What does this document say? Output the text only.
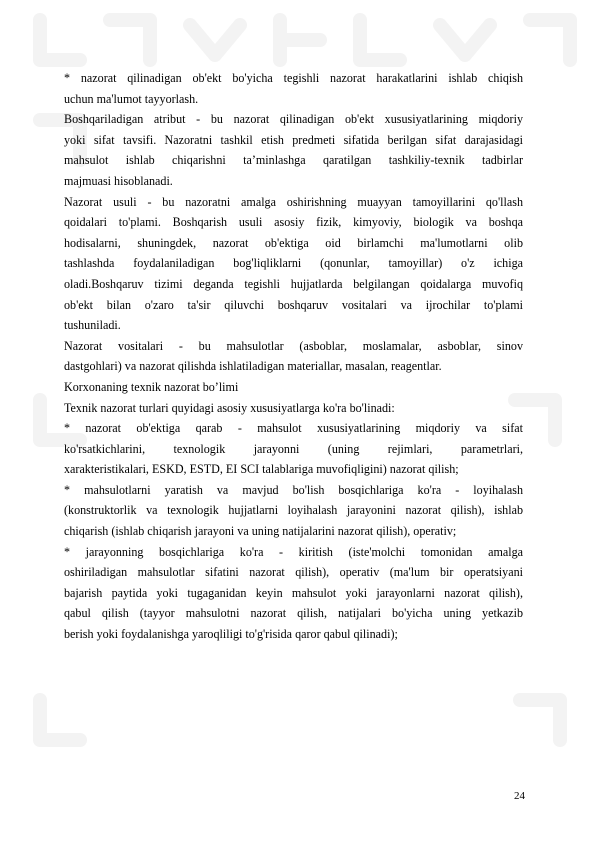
* nazorat qilinadigan ob'ekt bo'yicha tegishli nazorat harakatlarini ishlab chiqish
uchun ma'lumot tayyorlash.
Boshqariladigan atribut - bu nazorat qilinadigan ob'ekt xususiyatlarining miqdoriy
yoki sifat tavsifi. Nazoratni tashkil etish predmeti sifatida berilgan sifat darajasidagi
mahsulot ishlab chiqarishni ta’minlashga qaratilgan tashkiliy-texnik tadbirlar
majmuasi hisoblanadi.
Nazorat usuli - bu nazoratni amalga oshirishning muayyan tamoyillarini qo'llash
qoidalari to'plami. Boshqarish usuli asosiy fizik, kimyoviy, biologik va boshqa
hodisalarni, shuningdek, nazorat ob'ektiga oid birlamchi ma'lumotlarni olib
tashlashda foydalaniladigan bog'liqliklarni (qonunlar, tamoyillar) o'z ichiga
oladi.Boshqaruv tizimi deganda tegishli hujjatlarda belgilangan qoidalarga muvofiq
ob'ekt bilan o'zaro ta'sir qiluvchi boshqaruv vositalari va ijrochilar to'plami
tushuniladi.
Nazorat vositalari - bu mahsulotlar (asboblar, moslamalar, asboblar, sinov
dastgohlari) va nazorat qilishda ishlatiladigan materiallar, masalan, reagentlar.
Korxonaning texnik nazorat bo’limi
Texnik nazorat turlari quyidagi asosiy xususiyatlarga ko'ra bo'linadi:
* nazorat ob'ektiga qarab - mahsulot xususiyatlarining miqdoriy va sifat
ko'rsatkichlarini, texnologik jarayonni (uning rejimlari, parametrlari,
xarakteristikalari, ESKD, ESTD, EI SCI talablariga muvofiqligini) nazorat qilish;
* mahsulotlarni yaratish va mavjud bo'lish bosqichlariga ko'ra - loyihalash
(konstruktorlik va texnologik hujjatlarni loyihalash jarayonini nazorat qilish), ishlab
chiqarish (ishlab chiqarish jarayoni va uning natijalarini nazorat qilish), operativ;
* jarayonning bosqichlariga ko'ra - kiritish (iste'molchi tomonidan amalga
oshiriladigan mahsulotlar sifatini nazorat qilish), operativ (ma'lum bir operatsiyani
bajarish paytida yoki tugaganidan keyin mahsulot yoki jarayonlarni nazorat qilish),
qabul qilish (tayyor mahsulotni nazorat qilish, natijalari bo'yicha uning yetkazib
berish yoki foydalanishga yaroqliligi to'g'risida qaror qabul qilinadi);
24
